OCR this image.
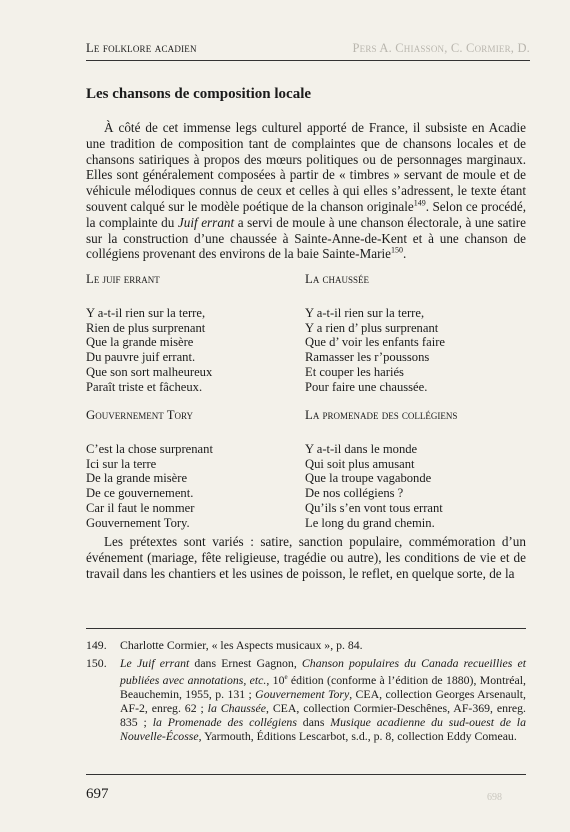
Le folklore acadien	Pers A. Chiasson, C. Cormier, D.
Les chansons de composition locale

À côté de cet immense legs culturel apporté de France, il subsiste en Acadie une tradition de composition tant de complaintes que de chansons locales et de chansons satiriques à propos des mœurs politiques ou de personnages marginaux. Elles sont généralement composées à partir de « timbres » servant de moule et de véhicule mélodiques connus de ceux et celles à qui elles s’adressent, le texte étant souvent calqué sur le modèle poétique de la chanson originale$^{149}$. Selon ce procédé, la complainte du Juif errant a servi de moule à une chanson électorale, à une satire sur la construction d’une chaussée à Sainte-Anne-de-Kent et à une chanson de collégiens provenant des environs de la baie Sainte-Marie$^{150}$.

Le juif errant
Y a-t-il rien sur la terre,
Rien de plus surprenant
Que la grande misère
Du pauvre juif errant.
Que son sort malheureux
Paraît triste et fâcheux.
La chaussée
Y a-t-il rien sur la terre,
Y a rien d’ plus surprenant
Que d’ voir les enfants faire
Ramasser les r’poussons
Et couper les hariés
Pour faire une chaussée.
Gouvernement Tory
C’est la chose surprenant
Ici sur la terre
De la grande misère
De ce gouvernement.
Car il faut le nommer
Gouvernement Tory.
La promenade des collégiens
Y a-t-il dans le monde
Qui soit plus amusant
Que la troupe vagabonde
De nos collégiens ?
Qu’ils s’en vont tous errant
Le long du grand chemin.

Les prétextes sont variés : satire, sanction populaire, commémoration d’un événement (mariage, fête religieuse, tragédie ou autre), les conditions de vie et de travail dans les chantiers et les usines de poisson, le reflet, en quelque sorte, de la

149.	Charlotte Cormier, « les Aspects musicaux », p. 84.
150.	Le Juif errant dans Ernest Gagnon, Chanson populaires du Canada recueillies et publiées avec annotations, etc., 10e édition (conforme à l’édition de 1880), Montréal, Beauchemin, 1955, p. 131 ; Gouvernement Tory, CEA, collection Georges Arsenault, AF-2, enreg. 62 ; la Chaussée, CEA, collection Cormier-Deschênes, AF-369, enreg. 835 ; la Promenade des collégiens dans Musique acadienne du sud-ouest de la Nouvelle-Écosse, Yarmouth, Éditions Lescarbot, s.d., p. 8, collection Eddy Comeau.
697	698
